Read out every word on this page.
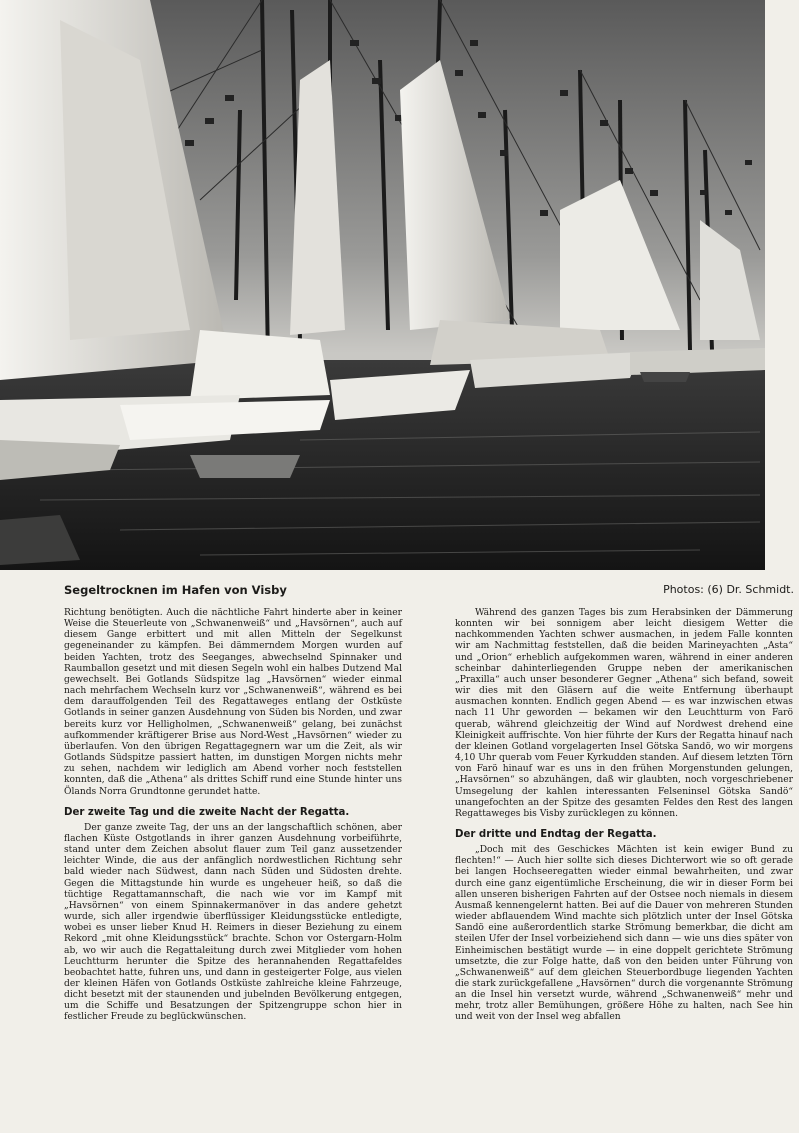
Segeltrocknen im Hafen von Visby	Photos: (6) Dr. Schmidt.

Richtung benötigten. Auch die nächtliche Fahrt hinderte aber in keiner Weise die Steuerleute von „Schwanenweiß“ und „Havsörnen“, auch auf diesem Gange erbittert und mit allen Mitteln der Segelkunst gegeneinander zu kämpfen. Bei dämmerndem Morgen wurden auf beiden Yachten, trotz des Seeganges, abwechselnd Spinnaker und Raumballon gesetzt und mit diesen Segeln wohl ein halbes Dutzend Mal gewechselt. Bei Gotlands Südspitze lag „Havsörnen“ wieder einmal nach mehrfachem Wechseln kurz vor „Schwanenweiß“, während es bei dem darauffolgenden Teil des Regattaweges entlang der Ostküste Gotlands in seiner ganzen Ausdehnung von Süden bis Norden, und zwar bereits kurz vor Helligholmen, „Schwanenweiß“ gelang, bei zunächst aufkommender kräftigerer Brise aus Nord-West „Havsörnen“ wieder zu überlaufen. Von den übrigen Regattagegnern war um die Zeit, als wir Gotlands Südspitze passiert hatten, im dunstigen Morgen nichts mehr zu sehen, nachdem wir lediglich am Abend vorher noch feststellen konnten, daß die „Athena“ als drittes Schiff rund eine Stunde hinter uns Ölands Norra Grundtonne gerundet hatte.

Der zweite Tag und die zweite Nacht der Regatta.

Der ganze zweite Tag, der uns an der langschaftlich schönen, aber flachen Küste Ostgotlands in ihrer ganzen Ausdehnung vorbeiführte, stand unter dem Zeichen absolut flauer zum Teil ganz aussetzender leichter Winde, die aus der anfänglich nordwestlichen Richtung sehr bald wieder nach Südwest, dann nach Süden und Südosten drehte. Gegen die Mittagstunde hin wurde es ungeheuer heiß, so daß die tüchtige Regattamannschaft, die nach wie vor im Kampf mit „Havsörnen“ von einem Spinnakermanöver in das andere gehetzt wurde, sich aller irgendwie überflüssiger Kleidungsstücke entledigte, wobei es unser lieber Knud H. Reimers in dieser Beziehung zu einem Rekord „mit ohne Kleidungsstück“ brachte. Schon vor Ostergarn-Holm ab, wo wir auch die Regattaleitung durch zwei Mitglieder vom hohen Leuchtturm herunter die Spitze des herannahenden Regattafeldes beobachtet hatte, fuhren uns, und dann in gesteigerter Folge, aus vielen der kleinen Häfen von Gotlands Ostküste zahlreiche kleine Fahrzeuge, dicht besetzt mit der staunenden und jubelnden Bevölkerung entgegen, um die Schiffe und Besatzungen der Spitzengruppe schon hier in festlicher Freude zu beglückwünschen.

Während des ganzen Tages bis zum Herabsinken der Dämmerung konnten wir bei sonnigem aber leicht diesigem Wetter die nachkommenden Yachten schwer ausmachen, in jedem Falle konnten wir am Nachmittag feststellen, daß die beiden Marineyachten „Asta“ und „Orion“ erheblich aufgekommen waren, während in einer anderen scheinbar dahinterliegenden Gruppe neben der amerikanischen „Praxilla“ auch unser besonderer Gegner „Athena“ sich befand, soweit wir dies mit den Gläsern auf die weite Entfernung überhaupt ausmachen konnten. Endlich gegen Abend — es war inzwischen etwas nach 11 Uhr geworden — bekamen wir den Leuchtturm von Farö querab, während gleichzeitig der Wind auf Nordwest drehend eine Kleinigkeit auffrischte. Von hier führte der Kurs der Regatta hinauf nach der kleinen Gotland vorgelagerten Insel Götska Sandö, wo wir morgens 4,10 Uhr querab vom Feuer Kyrkudden standen. Auf diesem letzten Törn von Farö hinauf war es uns in den frühen Morgenstunden gelungen, „Havsörnen“ so abzuhängen, daß wir glaubten, noch vorgeschriebener Umsegelung der kahlen interessanten Felseninsel Götska Sandö“ unangefochten an der Spitze des gesamten Feldes den Rest des langen Regattaweges bis Visby zurücklegen zu können.

Der dritte und Endtag der Regatta.

„Doch mit des Geschickes Mächten ist kein ewiger Bund zu flechten!“ — Auch hier sollte sich dieses Dichterwort wie so oft gerade bei langen Hochseeregatten wieder einmal bewahrheiten, und zwar durch eine ganz eigentümliche Erscheinung, die wir in dieser Form bei allen unseren bisherigen Fahrten auf der Ostsee noch niemals in diesem Ausmaß kennengelernt hatten. Bei auf die Dauer von mehreren Stunden wieder abflauendem Wind machte sich plötzlich unter der Insel Götska Sandö eine außerordentlich starke Strömung bemerkbar, die dicht am steilen Ufer der Insel vorbeiziehend sich dann — wie uns dies später von Einheimischen bestätigt wurde — in eine doppelt gerichtete Strömung umsetzte, die zur Folge hatte, daß von den beiden unter Führung von „Schwanenweiß“ auf dem gleichen Steuerbordbuge liegenden Yachten die stark zurückgefallene „Havsörnen“ durch die vorgenannte Strömung an die Insel hin versetzt wurde, während „Schwanenweiß“ mehr und mehr, trotz aller Bemühungen, größere Höhe zu halten, nach See hin und weit von der Insel weg abfallen
